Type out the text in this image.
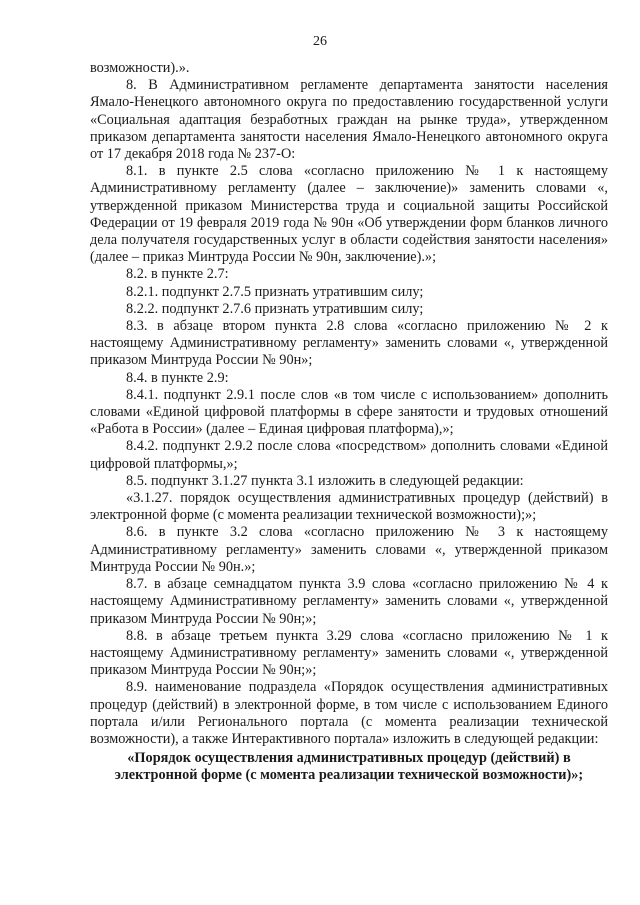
26

возможности).».

8. В Административном регламенте департамента занятости населения Ямало-Ненецкого автономного округа по предоставлению государственной услуги «Социальная адаптация безработных граждан на рынке труда», утвержденном приказом департамента занятости населения Ямало-Ненецкого автономного округа от 17 декабря 2018 года № 237-О:

8.1. в пункте 2.5 слова «согласно приложению № 1 к настоящему Административному регламенту (далее – заключение)» заменить словами «, утвержденной приказом Министерства труда и социальной защиты Российской Федерации от 19 февраля 2019 года № 90н «Об утверждении форм бланков личного дела получателя государственных услуг в области содействия занятости населения» (далее – приказ Минтруда России № 90н, заключение).»;

8.2. в пункте 2.7:

8.2.1. подпункт 2.7.5 признать утратившим силу;

8.2.2. подпункт 2.7.6 признать утратившим силу;

8.3. в абзаце втором пункта 2.8 слова «согласно приложению № 2 к настоящему Административному регламенту» заменить словами «, утвержденной приказом Минтруда России № 90н»;

8.4. в пункте 2.9:

8.4.1. подпункт 2.9.1 после слов «в том числе с использованием» дополнить словами «Единой цифровой платформы в сфере занятости и трудовых отношений «Работа в России» (далее – Единая цифровая платформа),»;

8.4.2. подпункт 2.9.2 после слова «посредством» дополнить словами «Единой цифровой платформы,»;

8.5. подпункт 3.1.27 пункта 3.1 изложить в следующей редакции:

«3.1.27. порядок осуществления административных процедур (действий) в электронной форме (с момента реализации технической возможности);»;

8.6. в пункте 3.2 слова «согласно приложению № 3 к настоящему Административному регламенту» заменить словами «, утвержденной приказом Минтруда России № 90н.»;

8.7. в абзаце семнадцатом пункта 3.9 слова «согласно приложению № 4 к настоящему Административному регламенту» заменить словами «, утвержденной приказом Минтруда России № 90н;»;

8.8. в абзаце третьем пункта 3.29 слова «согласно приложению № 1 к настоящему Административному регламенту» заменить словами «, утвержденной приказом Минтруда России № 90н;»;

8.9. наименование подраздела «Порядок осуществления административных процедур (действий) в электронной форме, в том числе с использованием Единого портала и/или Регионального портала (с момента реализации технической возможности), а также Интерактивного портала» изложить в следующей редакции:

«Порядок осуществления административных процедур (действий) в электронной форме (с момента реализации технической возможности)»;
